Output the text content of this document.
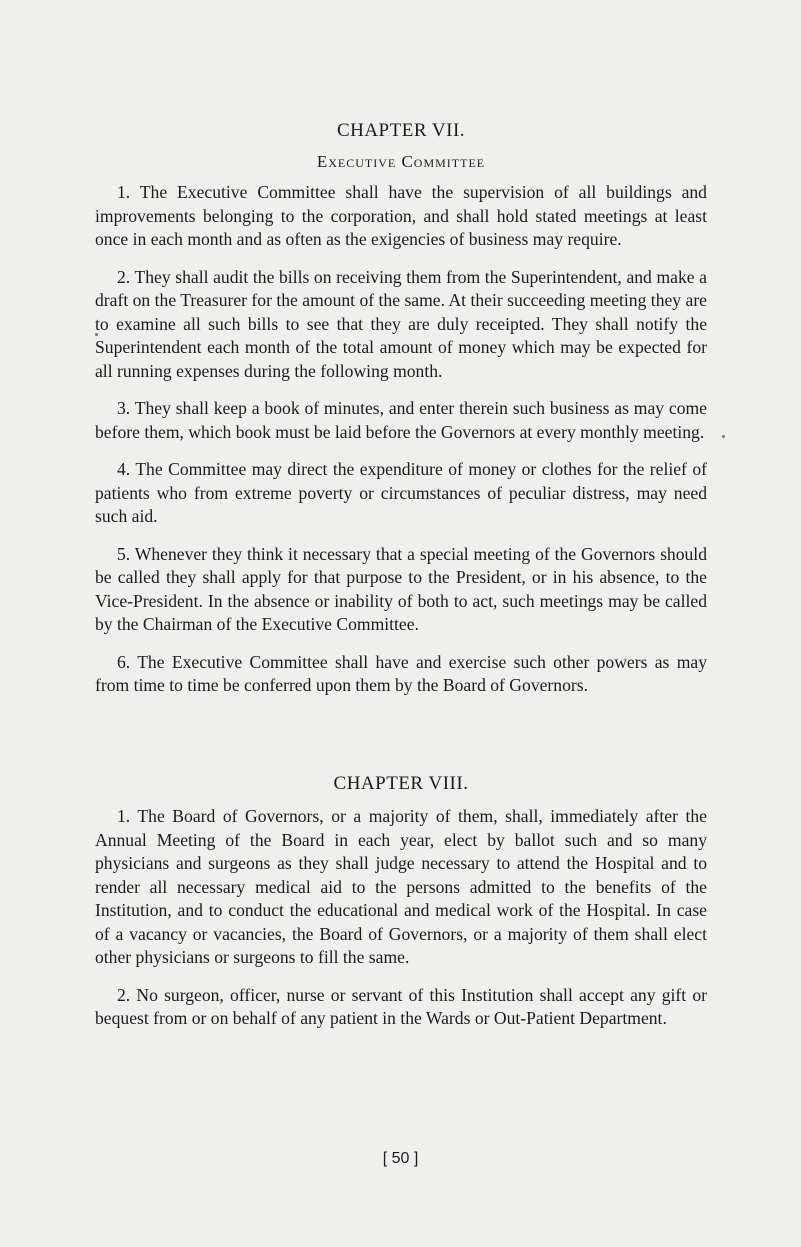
CHAPTER VII.
Executive Committee

1. The Executive Committee shall have the supervision of all buildings and improvements belonging to the corporation, and shall hold stated meetings at least once in each month and as often as the exigencies of business may require.

2. They shall audit the bills on receiving them from the Superintendent, and make a draft on the Treasurer for the amount of the same. At their succeeding meeting they are to examine all such bills to see that they are duly receipted. They shall notify the Superintendent each month of the total amount of money which may be expected for all running expenses during the following month.

3. They shall keep a book of minutes, and enter therein such business as may come before them, which book must be laid before the Governors at every monthly meeting.

4. The Committee may direct the expenditure of money or clothes for the relief of patients who from extreme poverty or circumstances of peculiar distress, may need such aid.

5. Whenever they think it necessary that a special meeting of the Governors should be called they shall apply for that purpose to the President, or in his absence, to the Vice-President. In the absence or inability of both to act, such meetings may be called by the Chairman of the Executive Committee.

6. The Executive Committee shall have and exercise such other powers as may from time to time be conferred upon them by the Board of Governors.

CHAPTER VIII.

1. The Board of Governors, or a majority of them, shall, immediately after the Annual Meeting of the Board in each year, elect by ballot such and so many physicians and surgeons as they shall judge necessary to attend the Hospital and to render all necessary medical aid to the persons admitted to the benefits of the Institution, and to conduct the educational and medical work of the Hospital. In case of a vacancy or vacancies, the Board of Governors, or a majority of them shall elect other physicians or surgeons to fill the same.

2. No surgeon, officer, nurse or servant of this Institution shall accept any gift or bequest from or on behalf of any patient in the Wards or Out-Patient Department.

[ 50 ]
